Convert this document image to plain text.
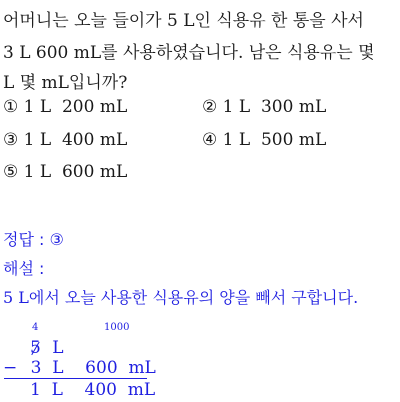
어머니는 오늘 들이가 5 L인 식용유 한 통을 사서
3 L 600 mL를 사용하였습니다. 남은 식용유는 몇
L 몇 mL입니까?
① 1 L  200 mL	② 1 L  300 mL
③ 1 L  400 mL	④ 1 L  500 mL
⑤ 1 L  600 mL
정답 : ③
해설 :
5 L에서 오늘 사용한 식용유의 양을 빼서 구합니다.
4	1000
5 L
− 3  L    600  mL
1  L    400  mL
